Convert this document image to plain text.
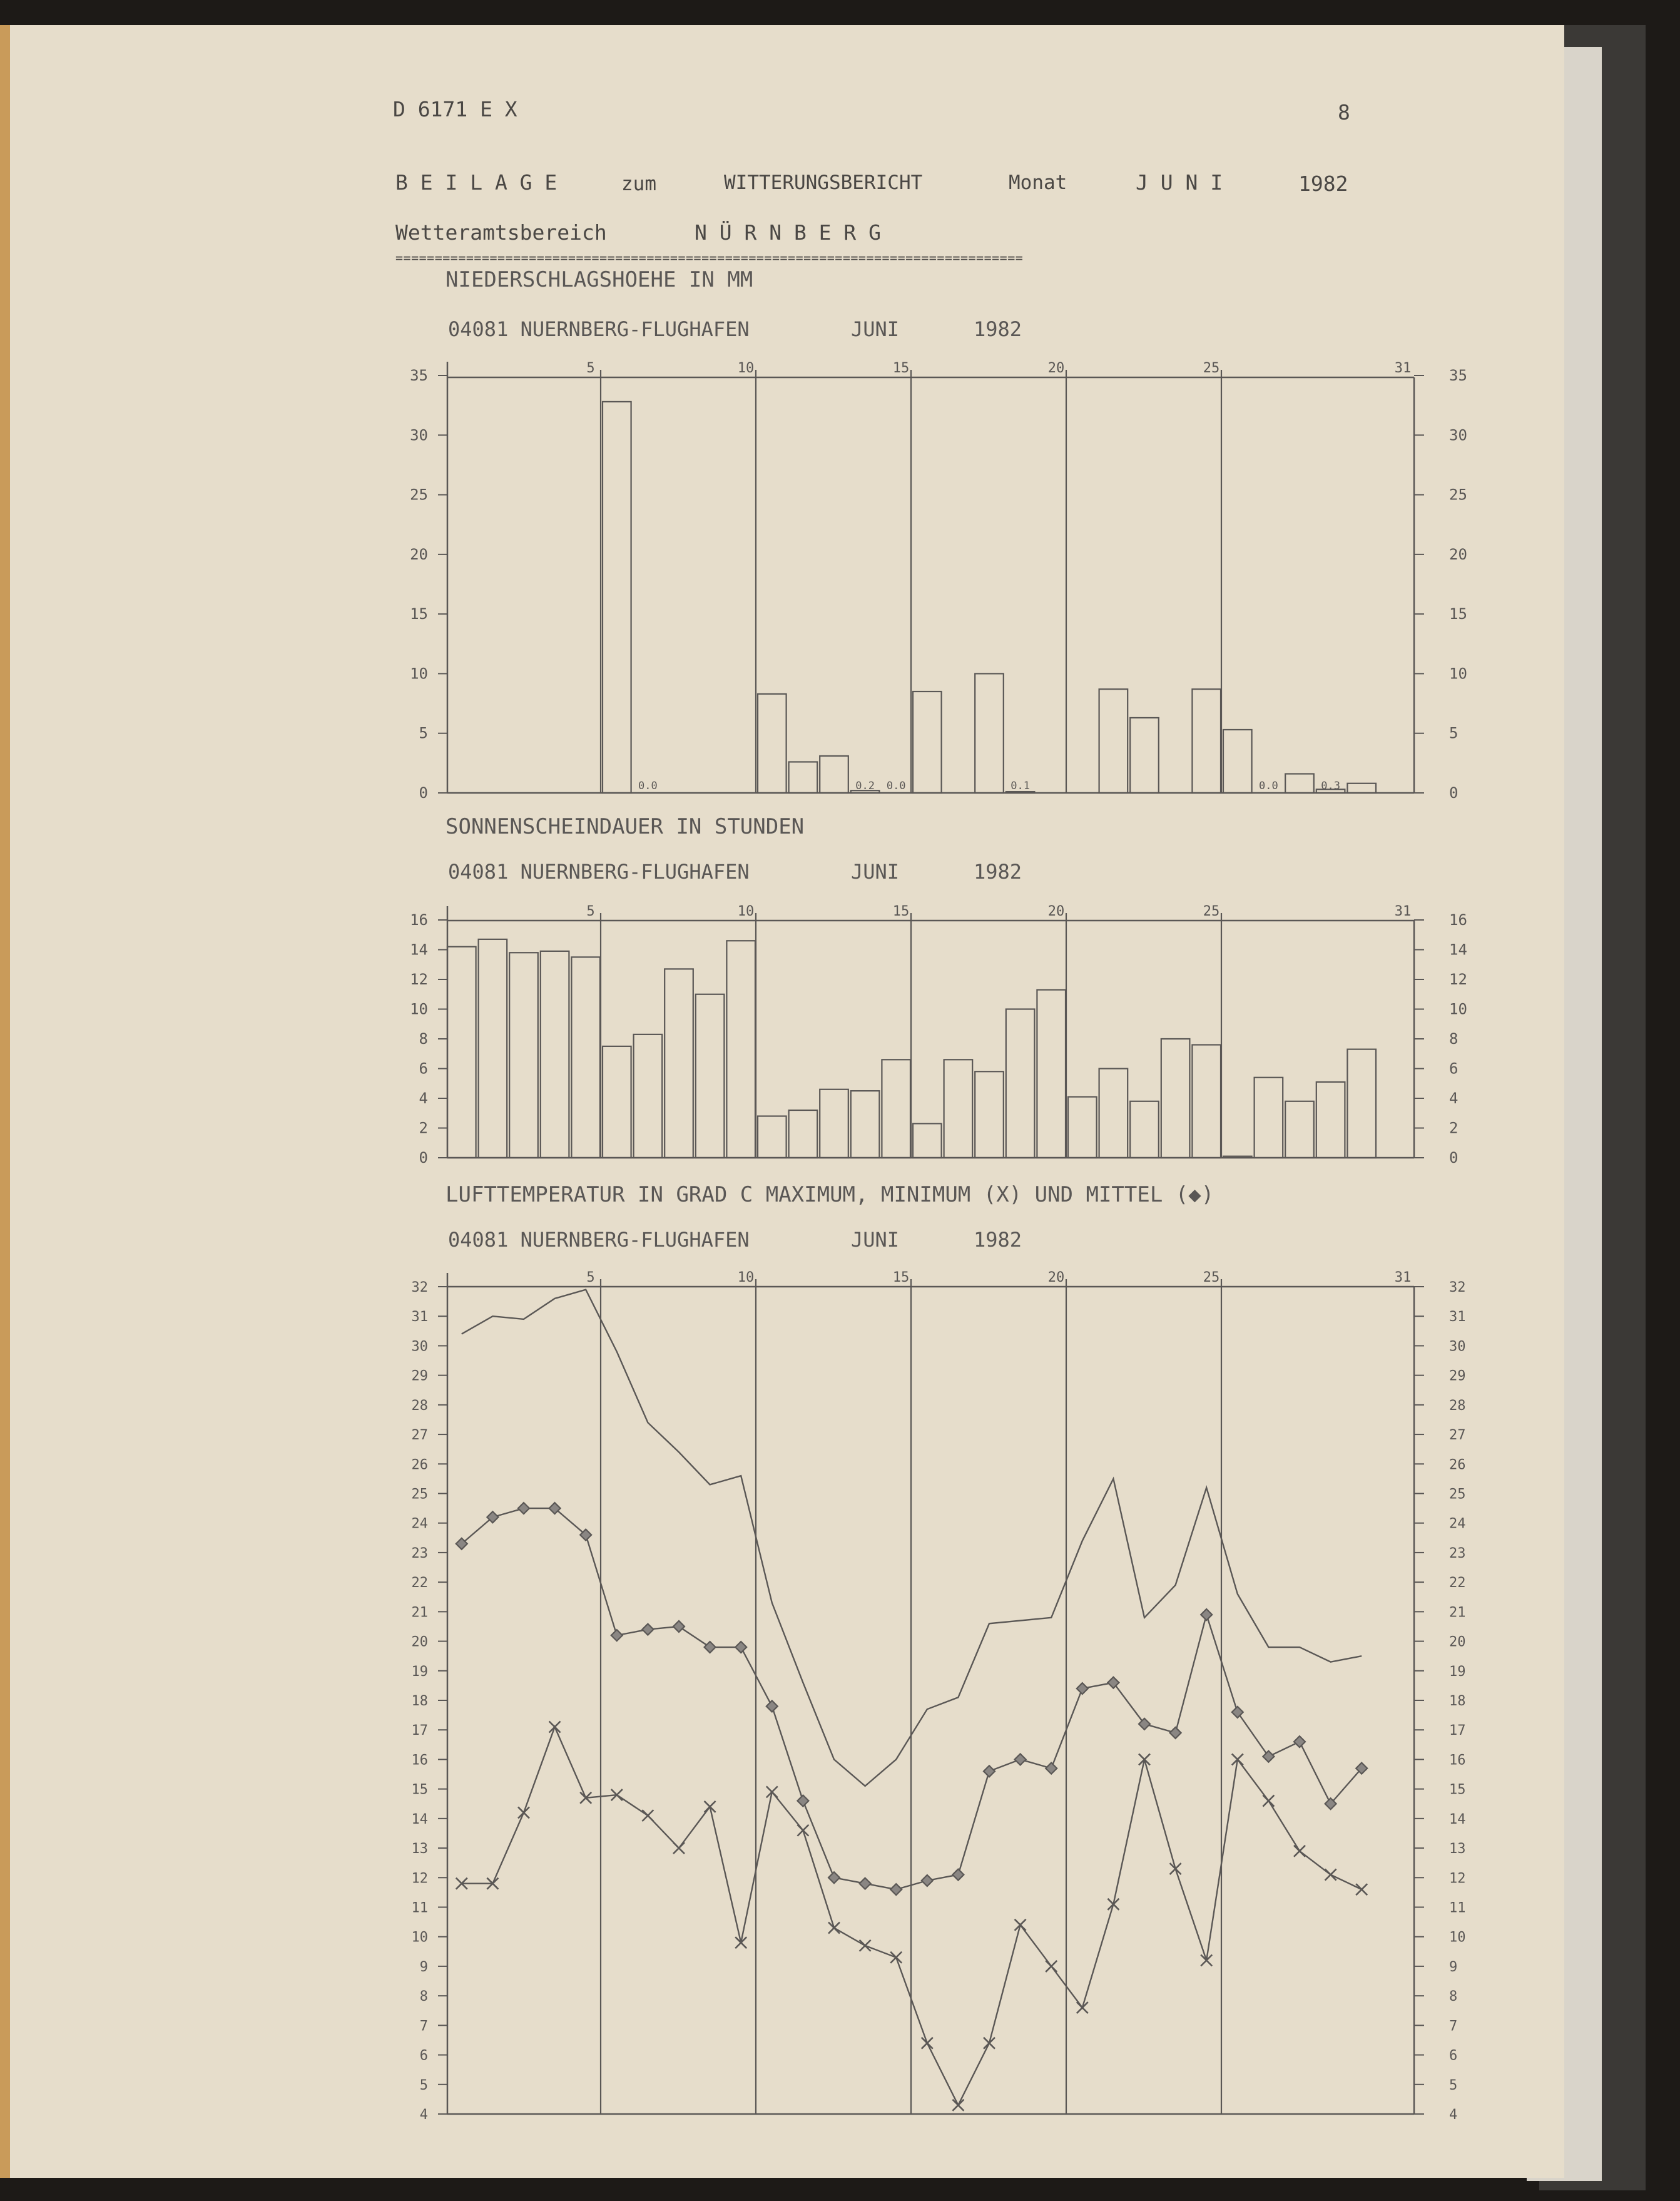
NIEDERSCHLAGSHOEHE IN MM
04081 NUERNBERG-FLUGHAFEN	JUNI	1982
5	10	15	20	25	31
0	0
5	5
10	10
15	15
20	20
25	25
30	30
35	35
0.0	0.2 0.0	0.1	0.0	0.3
SONNENSCHEINDAUER IN STUNDEN
04081 NUERNBERG-FLUGHAFEN	JUNI	1982
5	10	15	20	25	31
0	0
2	2
4	4
6	6
8	8
10	10
12	12
14	14
16	16
LUFTTEMPERATUR IN GRAD C MAXIMUM, MINIMUM (X) UND MITTEL (◆)
04081 NUERNBERG-FLUGHAFEN	JUNI	1982
5	10	15	20	25	31
4	4
5	5
6	6
7	7
8	8
9	9
10	10
11	11
12	12
13	13
14	14
15	15
16	16
17	17
18	18
19	19
20	20
21	21
22	22
23	23
24	24
25	25
26	26
27	27
28	28
29	29
30	30
31	31
32	32
D 6171 E X	8
B E I L A G E	zum	WITTERUNGSBERICHT	Monat	J U N I	1982
Wetteramtsbereich	N Ü R N B E R G
================================================================================
